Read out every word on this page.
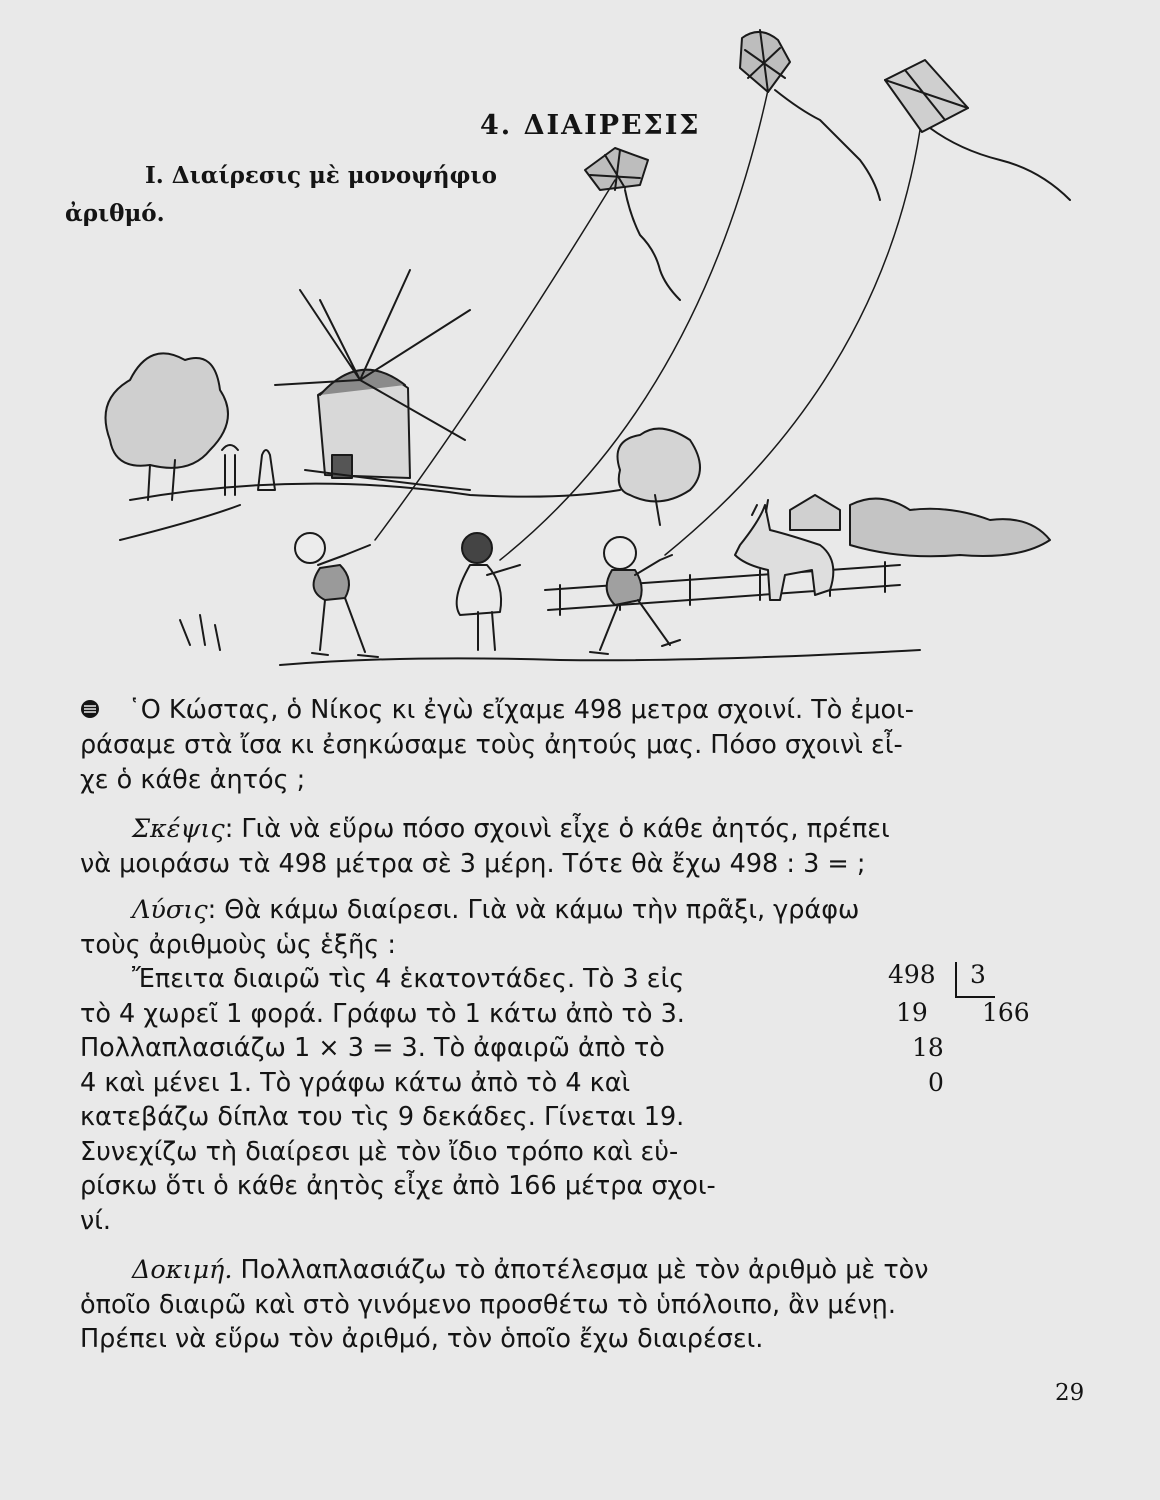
4. ΔΙΑΙΡΕΣΙΣ
I. Διαίρεσις μὲ μονοψήφιο
ἀριθμό.
῾Ο Κώστας, ὁ Νίκος κι ἐγὼ εἴχαμε 498 μετρα σχοινί. Τὸ ἐμοι-
ράσαμε στὰ ἴσα κι ἐσηκώσαμε τοὺς ἀητούς μας. Πόσο σχοινὶ εἶ-
χε ὁ κάθε ἀητός ;
Σκέψις: Γιὰ νὰ εὕρω πόσο σχοινὶ εἶχε ὁ κάθε ἀητός, πρέπει
νὰ μοιράσω τὰ 498 μέτρα σὲ 3 μέρη. Τότε θὰ ἔχω 498 : 3 = ;
Λύσις: Θὰ κάμω διαίρεσι. Γιὰ νὰ κάμω τὴν πρᾶξι, γράφω
τοὺς ἀριθμοὺς ὡς ἑξῆς :
Ἔπειτα διαιρῶ τὶς 4 ἑκατοντάδες. Τὸ 3 εἰς
τὸ 4 χωρεῖ 1 φορά. Γράφω τὸ 1 κάτω ἀπὸ τὸ 3.
Πολλαπλασιάζω 1 × 3 = 3. Τὸ ἀφαιρῶ ἀπὸ τὸ
4 καὶ μένει 1. Τὸ γράφω κάτω ἀπὸ τὸ 4 καὶ
κατεβάζω δίπλα του τὶς 9 δεκάδες. Γίνεται 19.
Συνεχίζω τὴ διαίρεσι μὲ τὸν ἴδιο τρόπο καὶ εὑ-
ρίσκω ὅτι ὁ κάθε ἀητὸς εἶχε ἀπὸ 166 μέτρα σχοι-
νί.
498 3
166
19
18
0
Δοκιμή. Πολλαπλασιάζω τὸ ἀποτέλεσμα μὲ τὸν ἀριθμὸ μὲ τὸν
ὁποῖο διαιρῶ καὶ στὸ γινόμενο προσθέτω τὸ ὑπόλοιπο, ἂν μένῃ.
Πρέπει νὰ εὕρω τὸν ἀριθμό, τὸν ὁποῖο ἔχω διαιρέσει.
29
